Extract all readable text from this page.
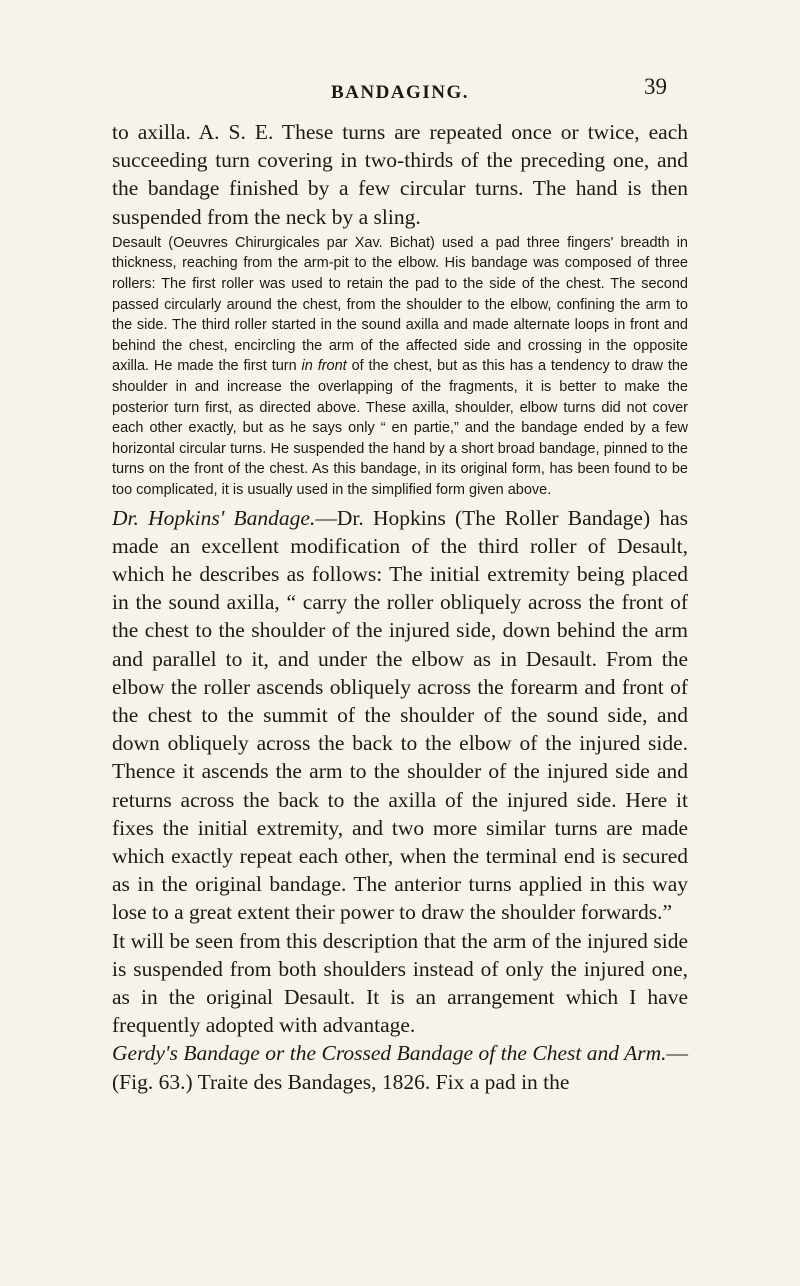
BANDAGING.	39

to axilla. A. S. E. These turns are repeated once or twice, each succeeding turn covering in two-thirds of the preceding one, and the bandage finished by a few circular turns. The hand is then suspended from the neck by a sling.

Desault (Oeuvres Chirurgicales par Xav. Bichat) used a pad three fingers' breadth in thickness, reaching from the arm-pit to the elbow. His bandage was composed of three rollers: The first roller was used to retain the pad to the side of the chest. The second passed circularly around the chest, from the shoulder to the elbow, confining the arm to the side. The third roller started in the sound axilla and made alternate loops in front and behind the chest, encircling the arm of the affected side and crossing in the opposite axilla. He made the first turn in front of the chest, but as this has a tendency to draw the shoulder in and increase the overlapping of the fragments, it is better to make the posterior turn first, as directed above. These axilla, shoulder, elbow turns did not cover each other exactly, but as he says only “ en partie,” and the bandage ended by a few horizontal circular turns. He suspended the hand by a short broad bandage, pinned to the turns on the front of the chest. As this bandage, in its original form, has been found to be too complicated, it is usually used in the simplified form given above.

Dr. Hopkins' Bandage.—Dr. Hopkins (The Roller Bandage) has made an excellent modification of the third roller of Desault, which he describes as follows: The initial extremity being placed in the sound axilla, “ carry the roller obliquely across the front of the chest to the shoulder of the injured side, down behind the arm and parallel to it, and under the elbow as in Desault. From the elbow the roller ascends obliquely across the forearm and front of the chest to the summit of the shoulder of the sound side, and down obliquely across the back to the elbow of the injured side. Thence it ascends the arm to the shoulder of the injured side and returns across the back to the axilla of the injured side. Here it fixes the initial extremity, and two more similar turns are made which exactly repeat each other, when the terminal end is secured as in the original bandage. The anterior turns applied in this way lose to a great extent their power to draw the shoulder forwards.”

It will be seen from this description that the arm of the injured side is suspended from both shoulders instead of only the injured one, as in the original Desault. It is an arrangement which I have frequently adopted with advantage.

Gerdy's Bandage or the Crossed Bandage of the Chest and Arm.—(Fig. 63.) Traite des Bandages, 1826. Fix a pad in the
